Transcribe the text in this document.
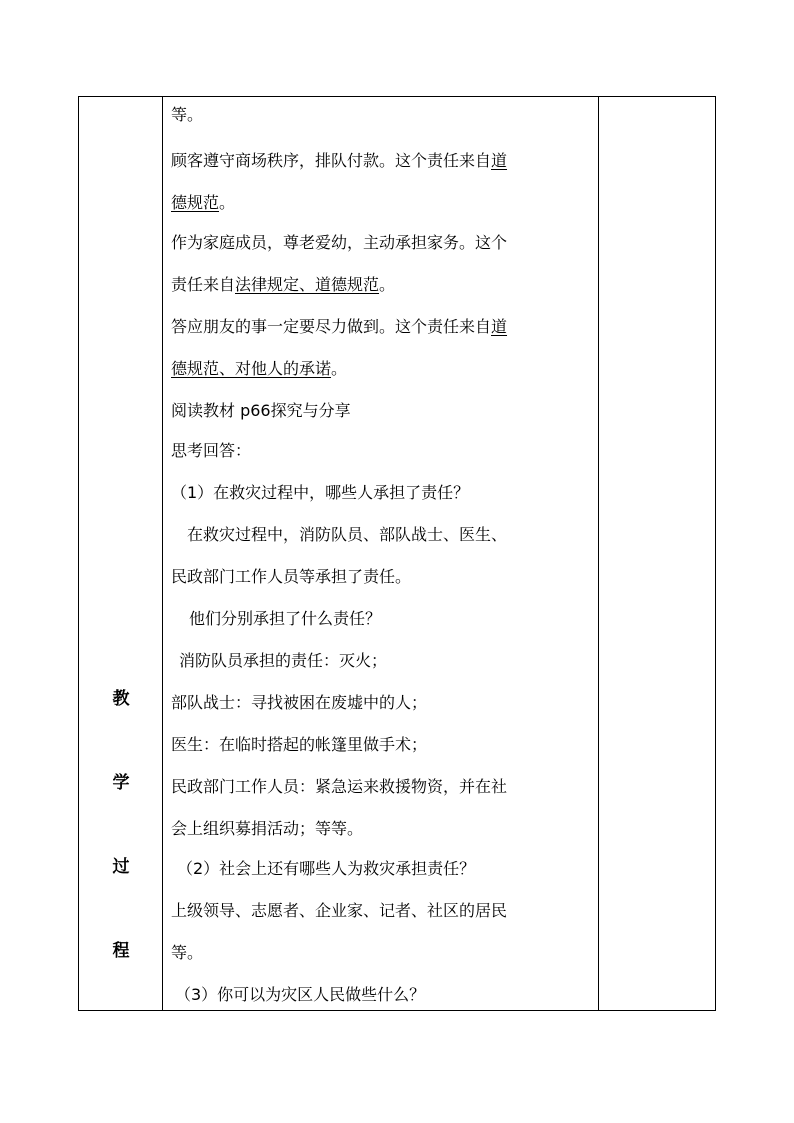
教
学
过
程
等。
顾客遵守商场秩序，排队付款。这个责任来自道
德规范。
作为家庭成员，尊老爱幼，主动承担家务。这个
责任来自法律规定、道德规范。
答应朋友的事一定要尽力做到。这个责任来自道
德规范、对他人的承诺。
阅读教材 p66探究与分享
思考回答：
（1）在救灾过程中，哪些人承担了责任？
在救灾过程中，消防队员、部队战士、医生、
民政部门工作人员等承担了责任。
他们分别承担了什么责任？
消防队员承担的责任：灭火；
部队战士：寻找被困在废墟中的人；
医生：在临时搭起的帐篷里做手术；
民政部门工作人员：紧急运来救援物资，并在社
会上组织募捐活动；等等。
（2）社会上还有哪些人为救灾承担责任？
上级领导、志愿者、企业家、记者、社区的居民
等。
（3）你可以为灾区人民做些什么？
